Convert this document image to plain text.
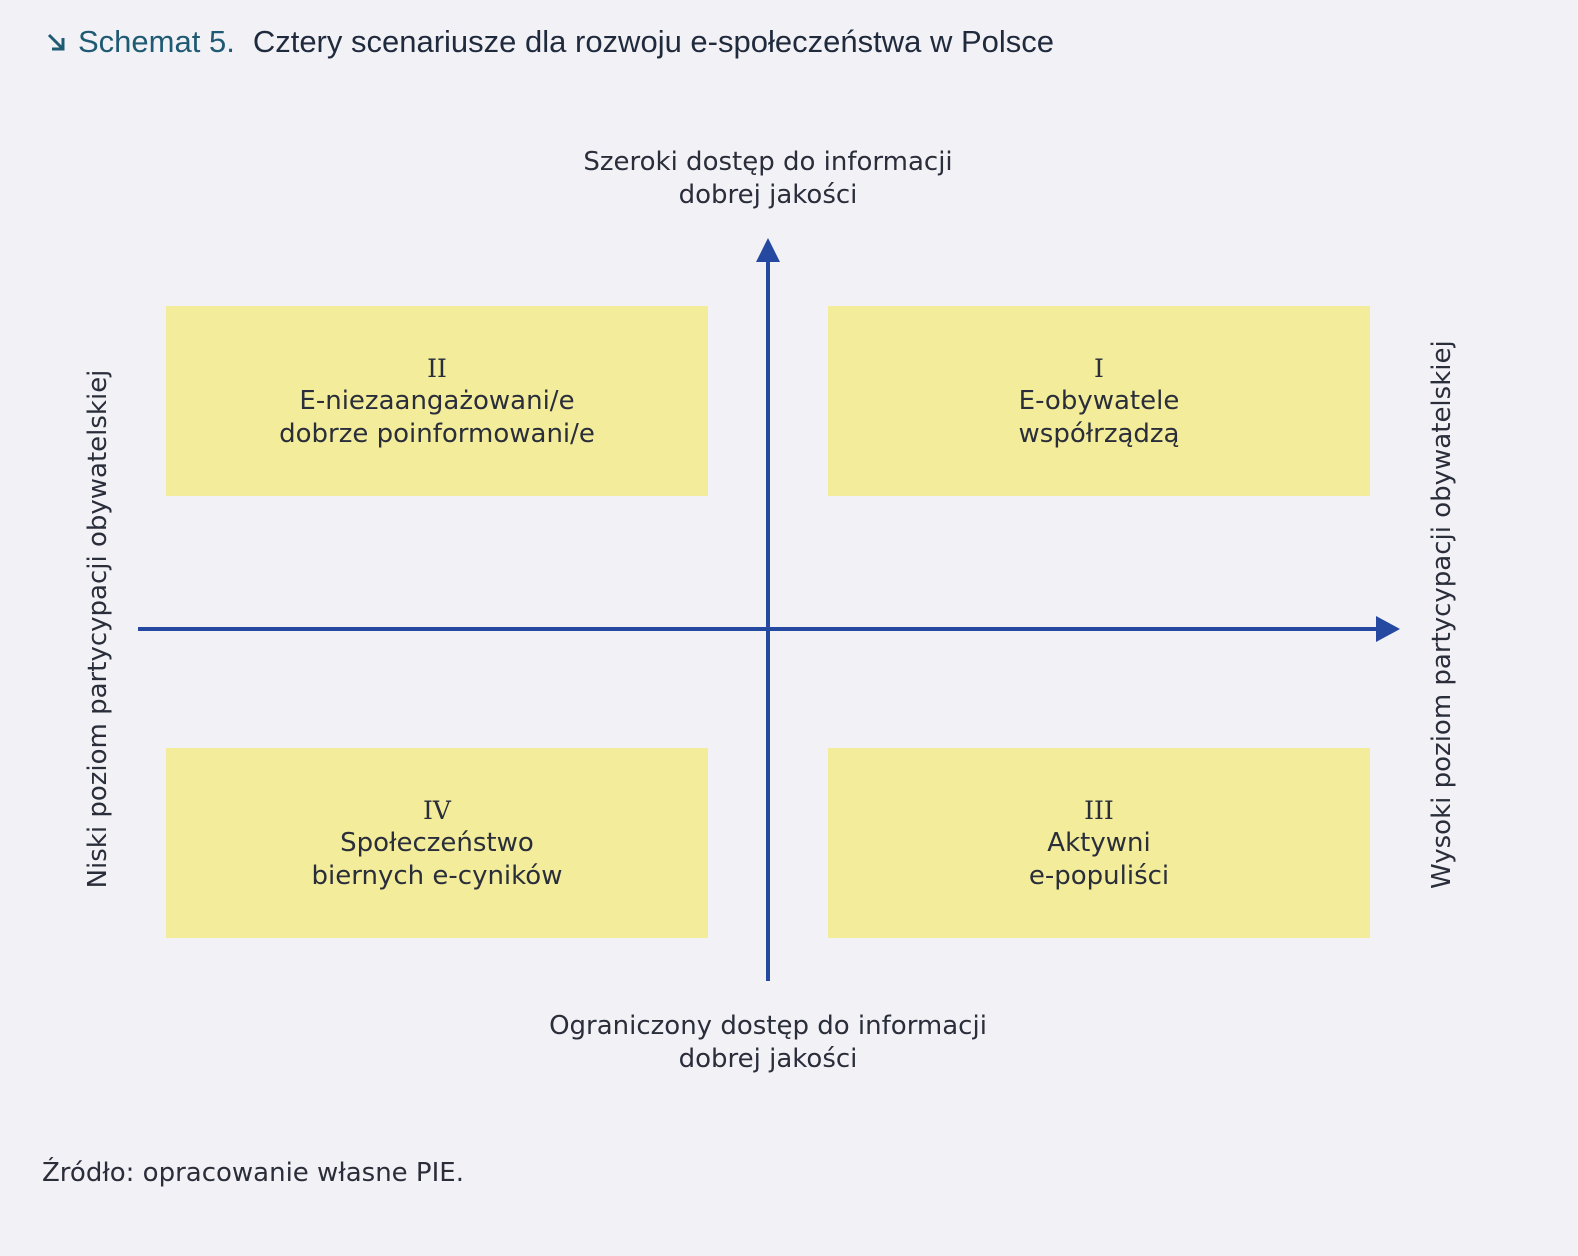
Schemat 5. Cztery scenariusze dla rozwoju e-społeczeństwa w Polsce
Szeroki dostęp do informacji
dobrej jakości
Ograniczony dostęp do informacji
dobrej jakości
Niski poziom partycypacji obywatelskiej	Wysoki poziom partycypacji obywatelskiej
II
E-niezaangażowani/e
dobrze poinformowani/e
I
E-obywatele
współrządzą
IV
Społeczeństwo
biernych e-cyników
III
Aktywni
e-populiści
Źródło: opracowanie własne PIE.
